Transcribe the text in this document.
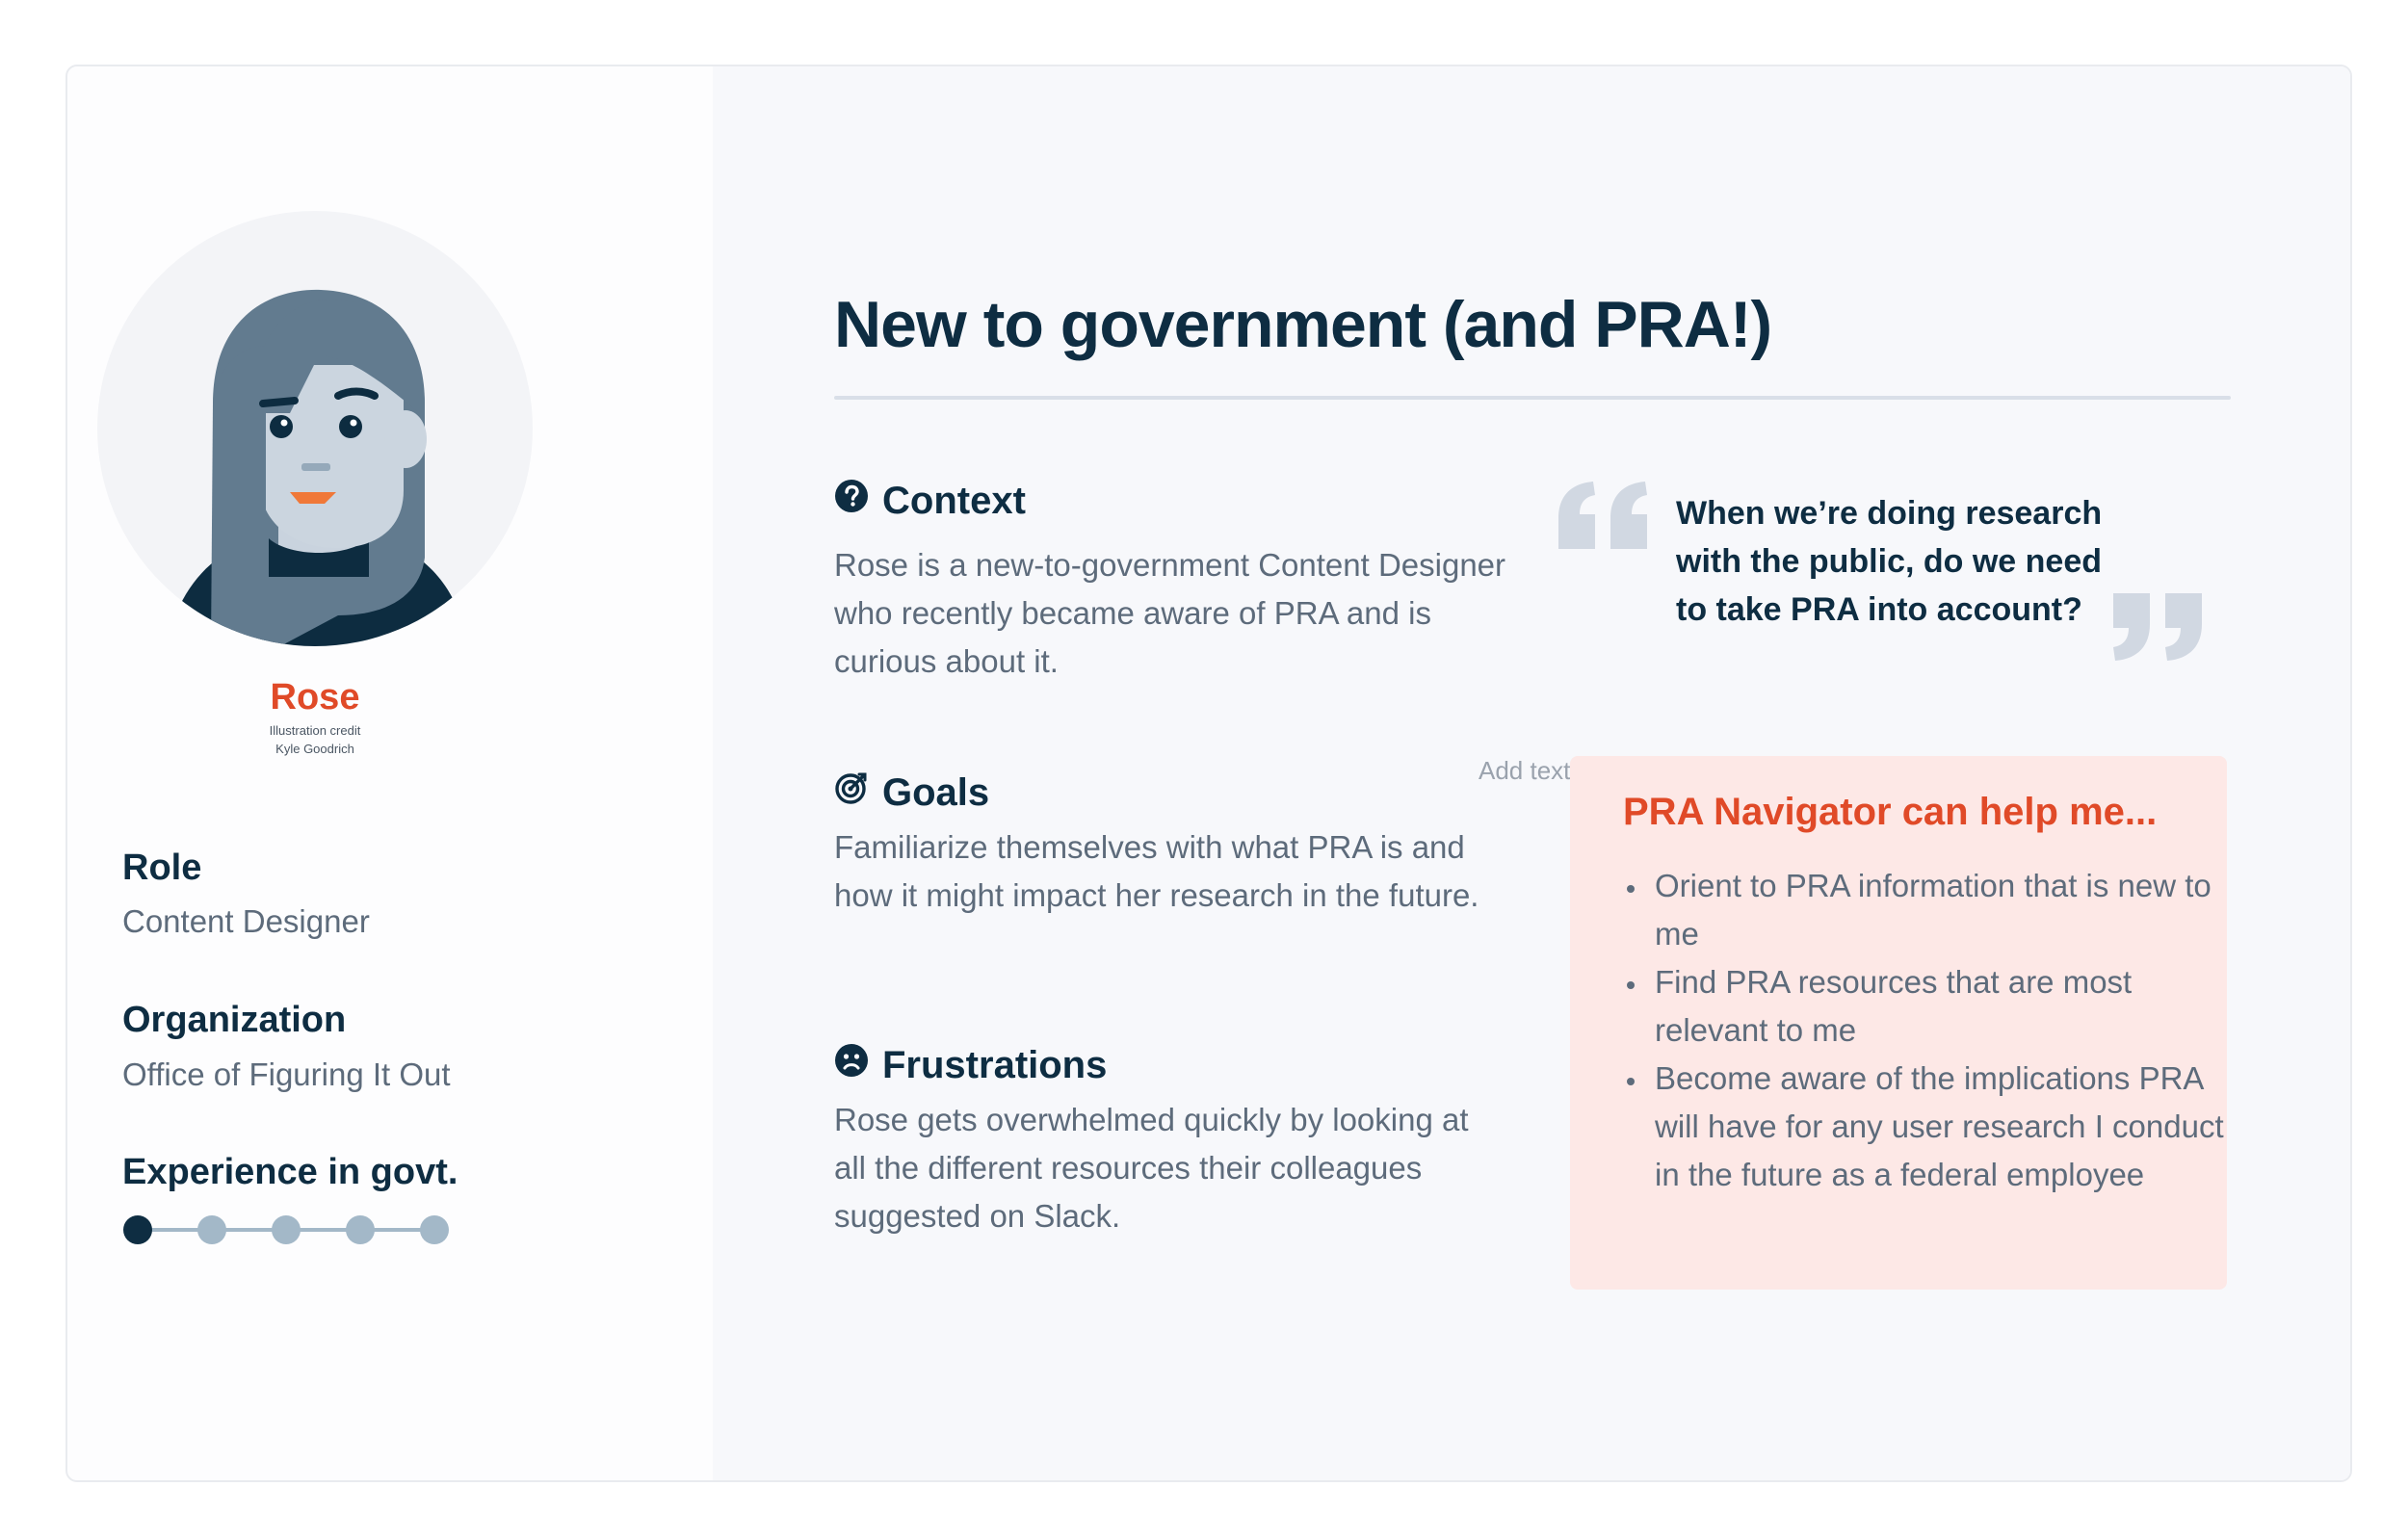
Rose

Illustration credit

Kyle Goodrich

Role

Content Designer

Organization

Office of Figuring It Out

Experience in govt.

New to government (and PRA!)
Context

Rose is a new-to-government Content Designer who recently became aware of PRA and is curious about it.

Goals

Familiarize themselves with what PRA is and how it might impact her research in the future.

Frustrations

Rose gets overwhelmed quickly by looking at all the different resources their colleagues suggested on Slack.

When we’re doing research with the public, do we need to take PRA into account?

Add text

PRA Navigator can help me...

• Orient to PRA information that is new to me
• Find PRA resources that are most relevant to me
• Become aware of the implications PRA will have for any user research I conduct in the future as a federal employee
